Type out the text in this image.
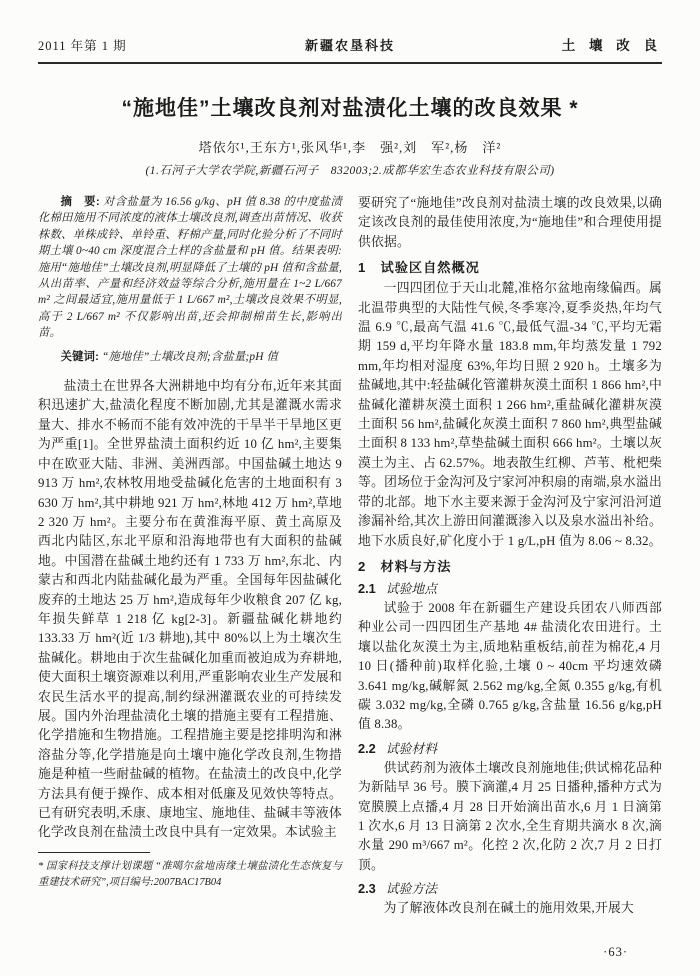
2011 年第 1 期	新疆农垦科技	土 壤 改 良
“施地佳”土壤改良剂对盐渍化土壤的改良效果 *
塔依尔¹,王东方¹,张风华¹,李　强²,刘　军²,杨　洋²
(1.石河子大学农学院,新疆石河子　832003;2.成都华宏生态农业科技有限公司)

摘　要: 对含盐量为 16.56 g/kg、pH 值 8.38 的中度盐渍化棉田施用不同浓度的液体土壤改良剂,调查出苗情况、收获株数、单株成铃、单铃重、籽棉产量,同时化验分析了不同时期土壤 0~40 cm 深度混合土样的含盐量和 pH 值。结果表明:施用“施地佳”土壤改良剂,明显降低了土壤的 pH 值和含盐量,从出苗率、产量和经济效益等综合分析,施用量在 1~2 L/667 m² 之间最适宜,施用量低于 1 L/667 m²,土壤改良效果不明显,高于 2 L/667 m² 不仅影响出苗,还会抑制棉苗生长,影响出苗。

关键词: “施地佳”土壤改良剂;含盐量;pH 值

盐渍土在世界各大洲耕地中均有分布,近年来其面积迅速扩大,盐渍化程度不断加剧,尤其是灌溉水需求量大、排水不畅而不能有效冲洗的干旱半干旱地区更为严重[1]。全世界盐渍土面积约近 10 亿 hm²,主要集中在欧亚大陆、非洲、美洲西部。中国盐碱土地达 9 913 万 hm²,农林牧用地受盐碱化危害的土地面积有 3 630 万 hm²,其中耕地 921 万 hm²,林地 412 万 hm²,草地 2 320 万 hm²。主要分布在黄淮海平原、黄土高原及西北内陆区,东北平原和沿海地带也有大面积的盐碱地。中国潜在盐碱土地约还有 1 733 万 hm²,东北、内蒙古和西北内陆盐碱化最为严重。全国每年因盐碱化废弃的土地达 25 万 hm²,造成每年少收粮食 207 亿 kg,年损失鲜草 1 218 亿 kg[2-3]。新疆盐碱化耕地约 133.33 万 hm²(近 1/3 耕地),其中 80%以上为土壤次生盐碱化。耕地由于次生盐碱化加重而被迫成为弃耕地,使大面积土壤资源难以利用,严重影响农业生产发展和农民生活水平的提高,制约绿洲灌溉农业的可持续发展。国内外治理盐渍化土壤的措施主要有工程措施、化学措施和生物措施。工程措施主要是挖排明沟和淋溶盐分等,化学措施是向土壤中施化学改良剂,生物措施是种植一些耐盐碱的植物。在盐渍土的改良中,化学方法具有便于操作、成本相对低廉及见效快等特点。已有研究表明,禾康、康地宝、施地佳、盐碱丰等液体化学改良剂在盐渍土改良中具有一定效果。本试验主

* 国家科技支撑计划课题 “准噶尔盆地南缘土壤盐渍化生态恢复与重建技术研究”,项目编号:2007BAC17B04

要研究了“施地佳”改良剂对盐渍土壤的改良效果,以确定该改良剂的最佳使用浓度,为“施地佳”和合理使用提供依据。

1　试验区自然概况

一四四团位于天山北麓,准格尔盆地南缘偏西。属北温带典型的大陆性气候,冬季寒冷,夏季炎热,年均气温 6.9 ℃,最高气温 41.6 ℃,最低气温-34 ℃,平均无霜期 159 d,平均年降水量 183.8 mm,年均蒸发量 1 792 mm,年均相对湿度 63%,年均日照 2 920 h。土壤多为盐碱地,其中:轻盐碱化管灌耕灰漠土面积 1 866 hm²,中盐碱化灌耕灰漠土面积 1 266 hm²,重盐碱化灌耕灰漠土面积 56 hm²,盐碱化灰漠土面积 7 860 hm²,典型盐碱土面积 8 133 hm²,草垫盐碱土面积 666 hm²。土壤以灰漠土为主、占 62.57%。地表散生红柳、芦苇、枇杷柴等。团场位于金沟河及宁家河冲积扇的南端,泉水溢出带的北部。地下水主要来源于金沟河及宁家河沿河道渗漏补给,其次上游田间灌溉渗入以及泉水溢出补给。地下水质良好,矿化度小于 1 g/L,pH 值为 8.06 ~ 8.32。

2　材料与方法
2.1 试验地点

试验于 2008 年在新疆生产建设兵团农八师西部种业公司一四四团生产基地 4# 盐渍化农田进行。土壤以盐化灰漠土为主,质地粘重板结,前茬为棉花,4 月 10 日(播种前)取样化验,土壤 0 ~ 40cm 平均速效磷 3.641 mg/kg,碱解氮 2.562 mg/kg,全氮 0.355 g/kg,有机碳 3.032 mg/kg,全磷 0.765 g/kg,含盐量 16.56 g/kg,pH 值 8.38。

2.2 试验材料

供试药剂为液体土壤改良剂施地佳;供试棉花品种为新陆早 36 号。膜下滴灌,4 月 25 日播种,播种方式为宽膜膜上点播,4 月 28 日开始滴出苗水,6 月 1 日滴第 1 次水,6 月 13 日滴第 2 次水,全生育期共滴水 8 次,滴水量 290 m³/667 m²。化控 2 次,化防 2 次,7 月 2 日打顶。

2.3 试验方法

为了解液体改良剂在碱土的施用效果,开展大

·63·
